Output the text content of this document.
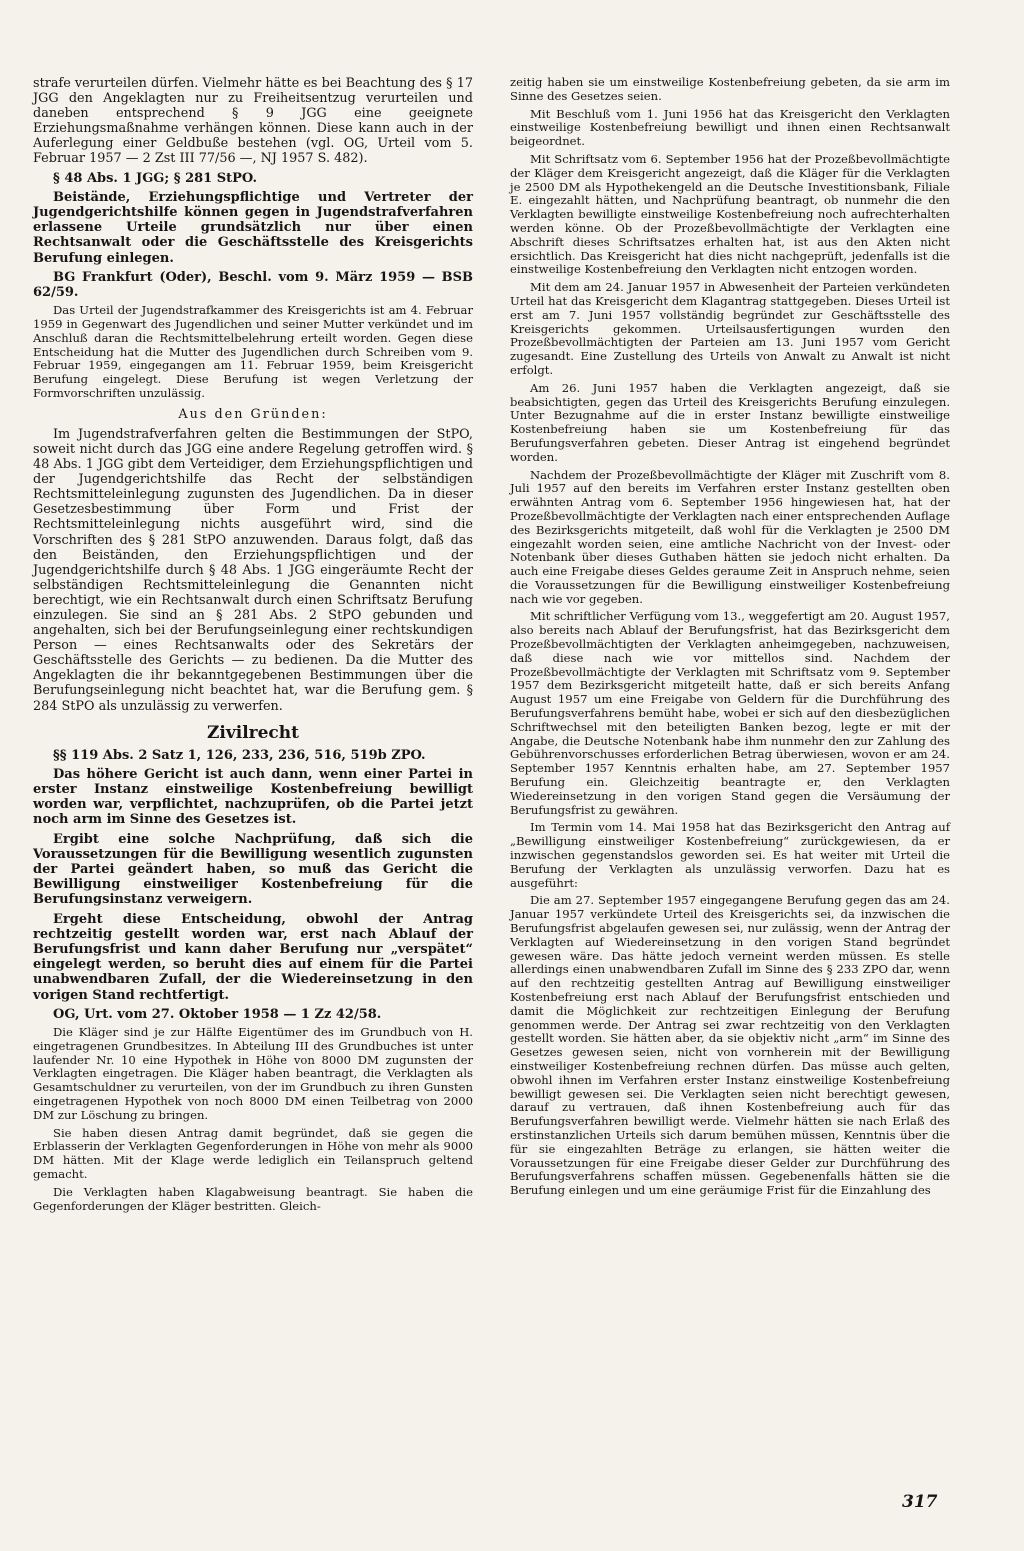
strafe verurteilen dürfen. Vielmehr hätte es bei Beachtung des § 17 JGG den Angeklagten nur zu Freiheitsentzug verurteilen und daneben entsprechend § 9 JGG eine geeignete Erziehungsmaßnahme verhängen können. Diese kann auch in der Auferlegung einer Geldbuße bestehen (vgl. OG, Urteil vom 5. Februar 1957 — 2 Zst III 77/56 —, NJ 1957 S. 482).

§ 48 Abs. 1 JGG; § 281 StPO.

Beistände, Erziehungspflichtige und Vertreter der Jugendgerichtshilfe können gegen in Jugendstrafverfahren erlassene Urteile grundsätzlich nur über einen Rechtsanwalt oder die Geschäftsstelle des Kreisgerichts Berufung einlegen.

BG Frankfurt (Oder), Beschl. vom 9. März 1959 — BSB 62/59.

Das Urteil der Jugendstrafkammer des Kreisgerichts ist am 4. Februar 1959 in Gegenwart des Jugendlichen und seiner Mutter verkündet und im Anschluß daran die Rechtsmittelbelehrung erteilt worden. Gegen diese Entscheidung hat die Mutter des Jugendlichen durch Schreiben vom 9. Februar 1959, eingegangen am 11. Februar 1959, beim Kreisgericht Berufung eingelegt. Diese Berufung ist wegen Verletzung der Formvorschriften unzulässig.

Aus den Gründen:

Im Jugendstrafverfahren gelten die Bestimmungen der StPO, soweit nicht durch das JGG eine andere Regelung getroffen wird. § 48 Abs. 1 JGG gibt dem Verteidiger, dem Erziehungspflichtigen und der Jugendgerichtshilfe das Recht der selbständigen Rechtsmitteleinlegung zugunsten des Jugendlichen. Da in dieser Gesetzesbestimmung über Form und Frist der Rechtsmitteleinlegung nichts ausgeführt wird, sind die Vorschriften des § 281 StPO anzuwenden. Daraus folgt, daß das den Beiständen, den Erziehungspflichtigen und der Jugendgerichtshilfe durch § 48 Abs. 1 JGG eingeräumte Recht der selbständigen Rechtsmitteleinlegung die Genannten nicht berechtigt, wie ein Rechtsanwalt durch einen Schriftsatz Berufung einzulegen. Sie sind an § 281 Abs. 2 StPO gebunden und angehalten, sich bei der Berufungseinlegung einer rechtskundigen Person — eines Rechtsanwalts oder des Sekretärs der Geschäftsstelle des Gerichts — zu bedienen. Da die Mutter des Angeklagten die ihr bekanntgegebenen Bestimmungen über die Berufungseinlegung nicht beachtet hat, war die Berufung gem. § 284 StPO als unzulässig zu verwerfen.

Zivilrecht

§§ 119 Abs. 2 Satz 1, 126, 233, 236, 516, 519b ZPO.

Das höhere Gericht ist auch dann, wenn einer Partei in erster Instanz einstweilige Kostenbefreiung bewilligt worden war, verpflichtet, nachzuprüfen, ob die Partei jetzt noch arm im Sinne des Gesetzes ist.

Ergibt eine solche Nachprüfung, daß sich die Voraussetzungen für die Bewilligung wesentlich zugunsten der Partei geändert haben, so muß das Gericht die Bewilligung einstweiliger Kostenbefreiung für die Berufungsinstanz verweigern.

Ergeht diese Entscheidung, obwohl der Antrag rechtzeitig gestellt worden war, erst nach Ablauf der Berufungsfrist und kann daher Berufung nur „verspätet“ eingelegt werden, so beruht dies auf einem für die Partei unabwendbaren Zufall, der die Wiedereinsetzung in den vorigen Stand rechtfertigt.

OG, Urt. vom 27. Oktober 1958 — 1 Zz 42/58.

Die Kläger sind je zur Hälfte Eigentümer des im Grundbuch von H. eingetragenen Grundbesitzes. In Abteilung III des Grundbuches ist unter laufender Nr. 10 eine Hypothek in Höhe von 8000 DM zugunsten der Verklagten eingetragen. Die Kläger haben beantragt, die Verklagten als Gesamtschuldner zu verurteilen, von der im Grundbuch zu ihren Gunsten eingetragenen Hypothek von noch 8000 DM einen Teilbetrag von 2000 DM zur Löschung zu bringen.

Sie haben diesen Antrag damit begründet, daß sie gegen die Erblasserin der Verklagten Gegenforderungen in Höhe von mehr als 9000 DM hätten. Mit der Klage werde lediglich ein Teilanspruch geltend gemacht.

Die Verklagten haben Klagabweisung beantragt. Sie haben die Gegenforderungen der Kläger bestritten. Gleich-

zeitig haben sie um einstweilige Kostenbefreiung gebeten, da sie arm im Sinne des Gesetzes seien.

Mit Beschluß vom 1. Juni 1956 hat das Kreisgericht den Verklagten einstweilige Kostenbefreiung bewilligt und ihnen einen Rechtsanwalt beigeordnet.

Mit Schriftsatz vom 6. September 1956 hat der Prozeßbevollmächtigte der Kläger dem Kreisgericht angezeigt, daß die Kläger für die Verklagten je 2500 DM als Hypothekengeld an die Deutsche Investitionsbank, Filiale E. eingezahlt hätten, und Nachprüfung beantragt, ob nunmehr die den Verklagten bewilligte einstweilige Kostenbefreiung noch aufrechterhalten werden könne. Ob der Prozeßbevollmächtigte der Verklagten eine Abschrift dieses Schriftsatzes erhalten hat, ist aus den Akten nicht ersichtlich. Das Kreisgericht hat dies nicht nachgeprüft, jedenfalls ist die einstweilige Kostenbefreiung den Verklagten nicht entzogen worden.

Mit dem am 24. Januar 1957 in Abwesenheit der Parteien verkündeten Urteil hat das Kreisgericht dem Klagantrag stattgegeben. Dieses Urteil ist erst am 7. Juni 1957 vollständig begründet zur Geschäftsstelle des Kreisgerichts gekommen. Urteilsausfertigungen wurden den Prozeßbevollmächtigten der Parteien am 13. Juni 1957 vom Gericht zugesandt. Eine Zustellung des Urteils von Anwalt zu Anwalt ist nicht erfolgt.

Am 26. Juni 1957 haben die Verklagten angezeigt, daß sie beabsichtigten, gegen das Urteil des Kreisgerichts Berufung einzulegen. Unter Bezugnahme auf die in erster Instanz bewilligte einstweilige Kostenbefreiung haben sie um Kostenbefreiung für das Berufungsverfahren gebeten. Dieser Antrag ist eingehend begründet worden.

Nachdem der Prozeßbevollmächtigte der Kläger mit Zuschrift vom 8. Juli 1957 auf den bereits im Verfahren erster Instanz gestellten oben erwähnten Antrag vom 6. September 1956 hingewiesen hat, hat der Prozeßbevollmächtigte der Verklagten nach einer entsprechenden Auflage des Bezirksgerichts mitgeteilt, daß wohl für die Verklagten je 2500 DM eingezahlt worden seien, eine amtliche Nachricht von der Invest- oder Notenbank über dieses Guthaben hätten sie jedoch nicht erhalten. Da auch eine Freigabe dieses Geldes geraume Zeit in Anspruch nehme, seien die Voraussetzungen für die Bewilligung einstweiliger Kostenbefreiung nach wie vor gegeben.

Mit schriftlicher Verfügung vom 13., weggefertigt am 20. August 1957, also bereits nach Ablauf der Berufungsfrist, hat das Bezirksgericht dem Prozeßbevollmächtigten der Verklagten anheimgegeben, nachzuweisen, daß diese nach wie vor mittellos sind. Nachdem der Prozeßbevollmächtigte der Verklagten mit Schriftsatz vom 9. September 1957 dem Bezirksgericht mitgeteilt hatte, daß er sich bereits Anfang August 1957 um eine Freigabe von Geldern für die Durchführung des Berufungsverfahrens bemüht habe, wobei er sich auf den diesbezüglichen Schriftwechsel mit den beteiligten Banken bezog, legte er mit der Angabe, die Deutsche Notenbank habe ihm nunmehr den zur Zahlung des Gebührenvorschusses erforderlichen Betrag überwiesen, wovon er am 24. September 1957 Kenntnis erhalten habe, am 27. September 1957 Berufung ein. Gleichzeitig beantragte er, den Verklagten Wiedereinsetzung in den vorigen Stand gegen die Versäumung der Berufungsfrist zu gewähren.

Im Termin vom 14. Mai 1958 hat das Bezirksgericht den Antrag auf „Bewilligung einstweiliger Kostenbefreiung“ zurückgewiesen, da er inzwischen gegenstandslos geworden sei. Es hat weiter mit Urteil die Berufung der Verklagten als unzulässig verworfen. Dazu hat es ausgeführt:

Die am 27. September 1957 eingegangene Berufung gegen das am 24. Januar 1957 verkündete Urteil des Kreisgerichts sei, da inzwischen die Berufungsfrist abgelaufen gewesen sei, nur zulässig, wenn der Antrag der Verklagten auf Wiedereinsetzung in den vorigen Stand begründet gewesen wäre. Das hätte jedoch verneint werden müssen. Es stelle allerdings einen unabwendbaren Zufall im Sinne des § 233 ZPO dar, wenn auf den rechtzeitig gestellten Antrag auf Bewilligung einstweiliger Kostenbefreiung erst nach Ablauf der Berufungsfrist entschieden und damit die Möglichkeit zur rechtzeitigen Einlegung der Berufung genommen werde. Der Antrag sei zwar rechtzeitig von den Verklagten gestellt worden. Sie hätten aber, da sie objektiv nicht „arm“ im Sinne des Gesetzes gewesen seien, nicht von vornherein mit der Bewilligung einstweiliger Kostenbefreiung rechnen dürfen. Das müsse auch gelten, obwohl ihnen im Verfahren erster Instanz einstweilige Kostenbefreiung bewilligt gewesen sei. Die Verklagten seien nicht berechtigt gewesen, darauf zu vertrauen, daß ihnen Kostenbefreiung auch für das Berufungsverfahren bewilligt werde. Vielmehr hätten sie nach Erlaß des erstinstanzlichen Urteils sich darum bemühen müssen, Kenntnis über die für sie eingezahlten Beträge zu erlangen, sie hätten weiter die Voraussetzungen für eine Freigabe dieser Gelder zur Durchführung des Berufungsverfahrens schaffen müssen. Gegebenenfalls hätten sie die Berufung einlegen und um eine geräumige Frist für die Einzahlung des

317
